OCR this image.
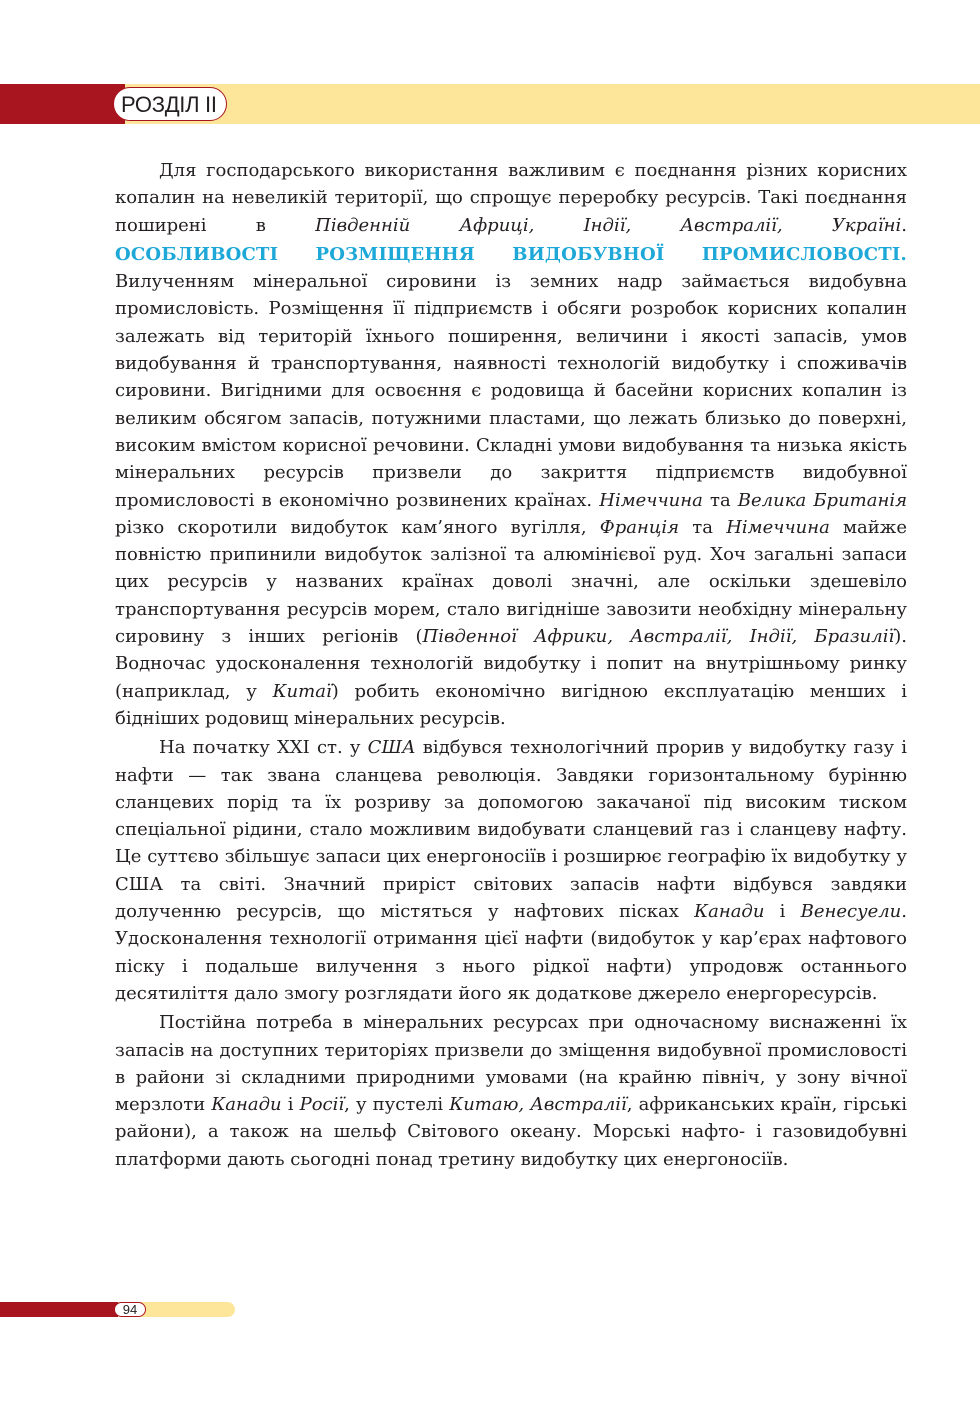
РОЗДІЛ ІІ

Для господарського використання важливим є поєднання різних корисних копалин на невеликій території, що спрощує переробку ресурсів. Такі поєднання поширені в Південній Африці, Індії, Австралії, Україні.

ОСОБЛИВОСТІ РОЗМІЩЕННЯ ВИДОБУВНОЇ ПРОМИСЛОВОСТІ. Вилученням мінеральної сировини із земних надр займається видобувна промисловість. Розміщення її підприємств і обсяги розробок корисних копалин залежать від територій їхнього поширення, величини і якості запасів, умов видобування й транспортування, наявності технологій видобутку і споживачів сировини. Вигідними для освоєння є родовища й басейни корисних копалин із великим обсягом запасів, потужними пластами, що лежать близько до поверхні, високим вмістом корисної речовини. Складні умови видобування та низька якість мінеральних ресурсів призвели до закриття підприємств видобувної промисловості в економічно розвинених країнах. Німеччина та Велика Британія різко скоротили видобуток кам’яного вугілля, Франція та Німеччина майже повністю припинили видобуток залізної та алюмінієвої руд. Хоч загальні запаси цих ресурсів у названих країнах доволі значні, але оскільки здешевіло транспортування ресурсів морем, стало вигідніше завозити необхідну мінеральну сировину з інших регіонів (Південної Африки, Австралії, Індії, Бразилії). Водночас удосконалення технологій видобутку і попит на внутрішньому ринку (наприклад, у Китаї) робить економічно вигідною експлуатацію менших і бідніших родовищ мінеральних ресурсів.

На початку XXI ст. у США відбувся технологічний прорив у видобутку газу і нафти — так звана сланцева революція. Завдяки горизонтальному бурінню сланцевих порід та їх розриву за допомогою закачаної під високим тиском спеціальної рідини, стало можливим видобувати сланцевий газ і сланцеву нафту. Це суттєво збільшує запаси цих енергоносіїв і розширює географію їх видобутку у США та світі. Значний приріст світових запасів нафти відбувся завдяки долученню ресурсів, що містяться у нафтових пісках Канади і Венесуели. Удосконалення технології отримання цієї нафти (видобуток у кар’єрах нафтового піску і подальше вилучення з нього рідкої нафти) упродовж останнього десятиліття дало змогу розглядати його як додаткове джерело енергоресурсів.

Постійна потреба в мінеральних ресурсах при одночасному виснаженні їх запасів на доступних територіях призвели до зміщення видобувної промисловості в райони зі складними природними умовами (на крайню північ, у зону вічної мерзлоти Канади і Росії, у пустелі Китаю, Австралії, африканських країн, гірські райони), а також на шельф Світового океану. Морські нафто- і газовидобувні платформи дають сьогодні понад третину видобутку цих енергоносіїв.

94
